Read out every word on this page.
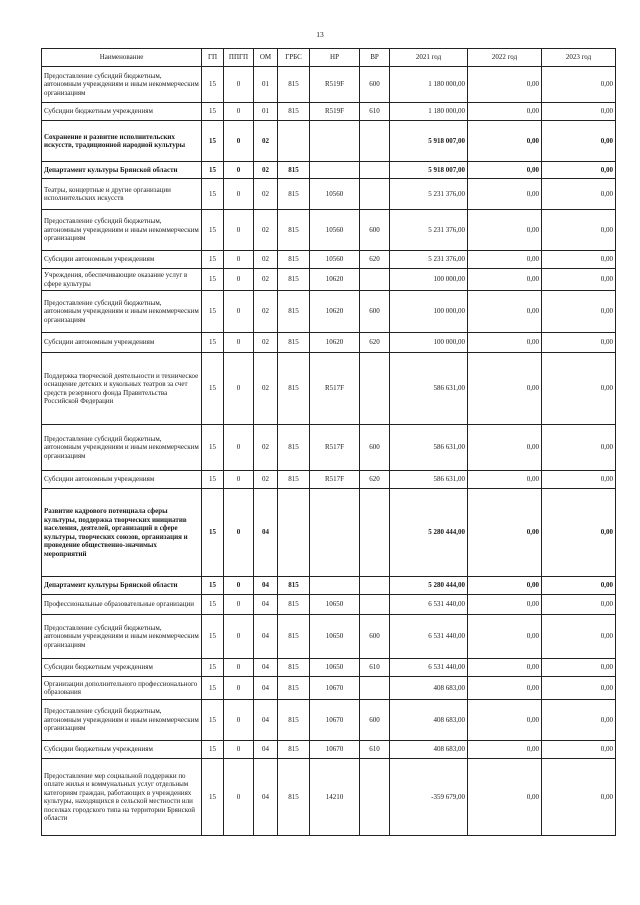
13
Наименование	ГП	ППГП	ОМ	ГРБС	НР	ВР	2021 год	2022 год	2023 год
Предоставление субсидий бюджетным, автономным учреждениям и иным некоммерческим организациям	15	0	01	815	R519F	600	1 180 000,00	0,00	0,00
Субсидии бюджетным учреждениям	15	0	01	815	R519F	610	1 180 000,00	0,00	0,00
Сохранение и развитие исполнительских искусств, традиционной народной культуры	15	0	02				5 918 007,00	0,00	0,00
Департамент культуры Брянской области	15	0	02	815			5 918 007,00	0,00	0,00
Театры, концертные и другие организации исполнительских искусств	15	0	02	815	10560		5 231 376,00	0,00	0,00
Предоставление субсидий бюджетным, автономным учреждениям и иным некоммерческим организациям	15	0	02	815	10560	600	5 231 376,00	0,00	0,00
Субсидии автономным учреждениям	15	0	02	815	10560	620	5 231 376,00	0,00	0,00
Учреждения, обеспечивающие оказание услуг в сфере культуры	15	0	02	815	10620		100 000,00	0,00	0,00
Предоставление субсидий бюджетным, автономным учреждениям и иным некоммерческим организациям	15	0	02	815	10620	600	100 000,00	0,00	0,00
Субсидии автономным учреждениям	15	0	02	815	10620	620	100 000,00	0,00	0,00
Поддержка творческой деятельности и техническое оснащение детских и кукольных театров за счет средств резервного фонда Правительства Российской Федерации	15	0	02	815	R517F		586 631,00	0,00	0,00
Предоставление субсидий бюджетным, автономным учреждениям и иным некоммерческим организациям	15	0	02	815	R517F	600	586 631,00	0,00	0,00
Субсидии автономным учреждениям	15	0	02	815	R517F	620	586 631,00	0,00	0,00
Развитие кадрового потенциала сферы культуры, поддержка творческих инициатив населения, деятелей, организаций в сфере культуры, творческих союзов, организация и проведение общественно-значимых мероприятий	15	0	04				5 280 444,00	0,00	0,00
Департамент культуры Брянской области	15	0	04	815			5 280 444,00	0,00	0,00
Профессиональные образовательные организации	15	0	04	815	10650		6 531 440,00	0,00	0,00
Предоставление субсидий бюджетным, автономным учреждениям и иным некоммерческим организациям	15	0	04	815	10650	600	6 531 440,00	0,00	0,00
Субсидии бюджетным учреждениям	15	0	04	815	10650	610	6 531 440,00	0,00	0,00
Организации дополнительного профессионального образования	15	0	04	815	10670		408 683,00	0,00	0,00
Предоставление субсидий бюджетным, автономным учреждениям и иным некоммерческим организациям	15	0	04	815	10670	600	408 683,00	0,00	0,00
Субсидии бюджетным учреждениям	15	0	04	815	10670	610	408 683,00	0,00	0,00
Предоставление мер социальной поддержки по оплате жилья и коммунальных услуг отдельным категориям граждан, работающих в учреждениях культуры, находящихся в сельской местности или поселках городского типа на территории Брянской области	15	0	04	815	14210		-359 679,00	0,00	0,00
